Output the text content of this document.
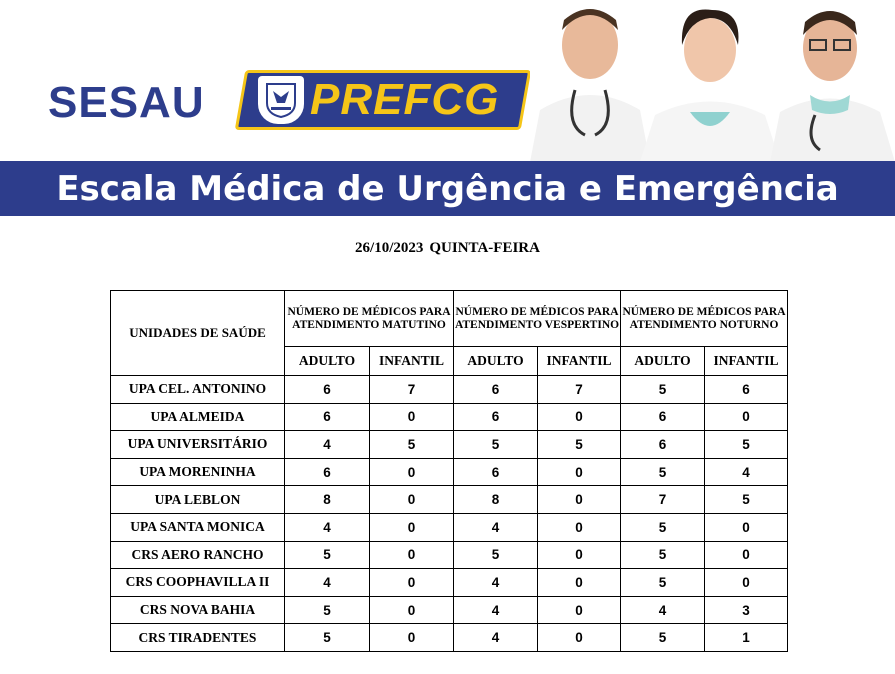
SESAU PREFCG
Escala Médica de Urgência e Emergência
26/10/2023 QUINTA-FEIRA
UNIDADES DE SAÚDE	NÚMERO DE MÉDICOS PARA ATENDIMENTO MATUTINO		NÚMERO DE MÉDICOS PARA ATENDIMENTO VESPERTINO		NÚMERO DE MÉDICOS PARA ATENDIMENTO NOTURNO	
	ADULTO	INFANTIL	ADULTO	INFANTIL	ADULTO	INFANTIL
UPA CEL. ANTONINO	6	7	6	7	5	6
UPA ALMEIDA	6	0	6	0	6	0
UPA UNIVERSITÁRIO	4	5	5	5	6	5
UPA MORENINHA	6	0	6	0	5	4
UPA LEBLON	8	0	8	0	7	5
UPA SANTA MONICA	4	0	4	0	5	0
CRS AERO RANCHO	5	0	5	0	5	0
CRS COOPHAVILLA II	4	0	4	0	5	0
CRS NOVA BAHIA	5	0	4	0	4	3
CRS TIRADENTES	5	0	4	0	5	1
